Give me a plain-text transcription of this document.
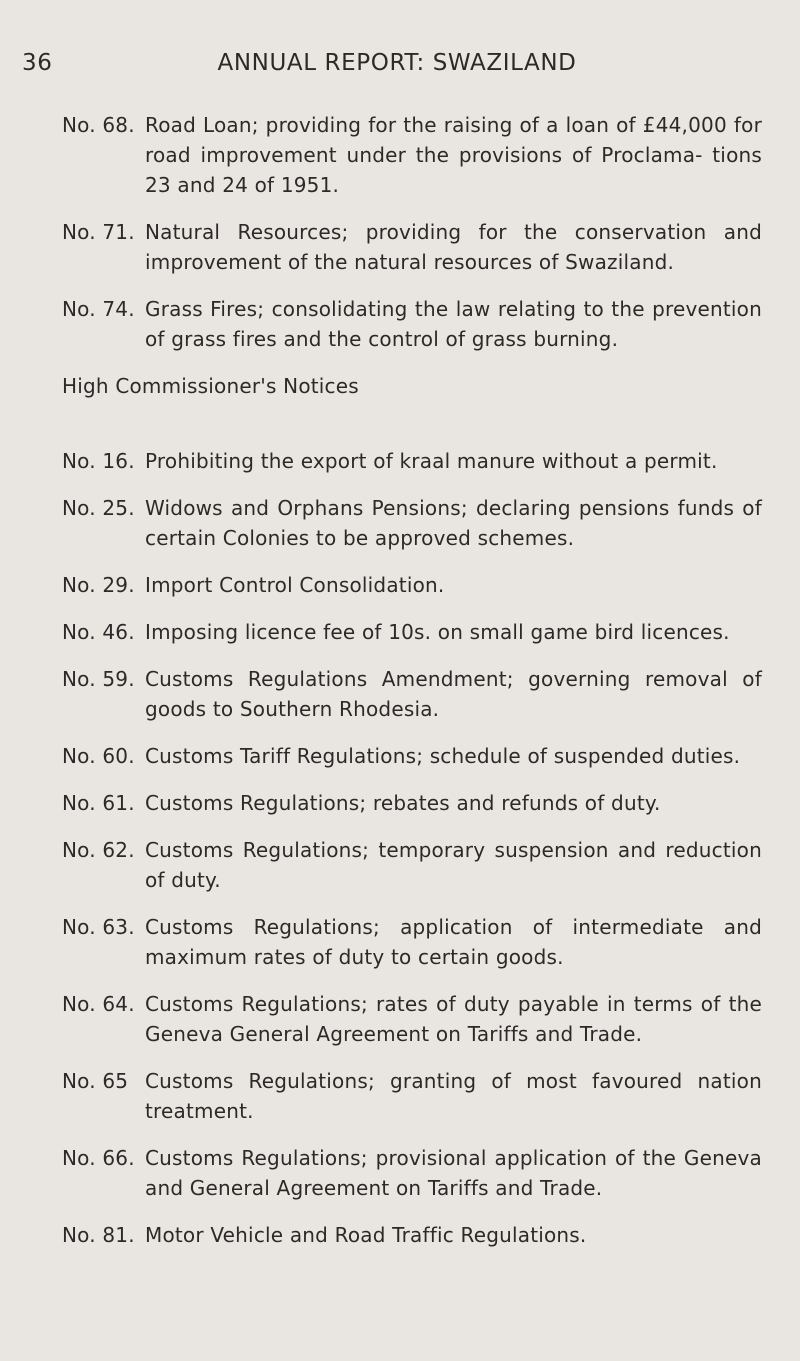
36	ANNUAL REPORT: SWAZILAND
No. 68. Road Loan; providing for the raising of a loan of £44,000 for road improvement under the provisions of Proclama- tions 23 and 24 of 1951.
No. 71. Natural Resources; providing for the conservation and improvement of the natural resources of Swaziland.
No. 74. Grass Fires; consolidating the law relating to the prevention of grass fires and the control of grass burning.
High Commissioner's Notices
No. 16. Prohibiting the export of kraal manure without a permit.
No. 25. Widows and Orphans Pensions; declaring pensions funds of certain Colonies to be approved schemes.
No. 29. Import Control Consolidation.
No. 46. Imposing licence fee of 10s. on small game bird licences.
No. 59. Customs Regulations Amendment; governing removal of goods to Southern Rhodesia.
No. 60. Customs Tariff Regulations; schedule of suspended duties.
No. 61. Customs Regulations; rebates and refunds of duty.
No. 62. Customs Regulations; temporary suspension and reduction of duty.
No. 63. Customs Regulations; application of intermediate and maximum rates of duty to certain goods.
No. 64. Customs Regulations; rates of duty payable in terms of the Geneva General Agreement on Tariffs and Trade.
No. 65 Customs Regulations; granting of most favoured nation treatment.
No. 66. Customs Regulations; provisional application of the Geneva and General Agreement on Tariffs and Trade.
No. 81. Motor Vehicle and Road Traffic Regulations.
